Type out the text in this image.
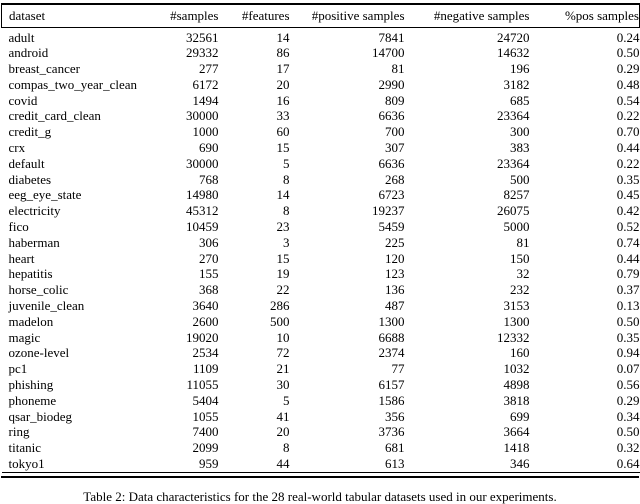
dataset	#samples	#features	#positive samples	#negative samples	%pos samples
adult	32561	14	7841	24720	0.24
android	29332	86	14700	14632	0.50
breast_cancer	277	17	81	196	0.29
compas_two_year_clean	6172	20	2990	3182	0.48
covid	1494	16	809	685	0.54
credit_card_clean	30000	33	6636	23364	0.22
credit_g	1000	60	700	300	0.70
crx	690	15	307	383	0.44
default	30000	5	6636	23364	0.22
diabetes	768	8	268	500	0.35
eeg_eye_state	14980	14	6723	8257	0.45
electricity	45312	8	19237	26075	0.42
fico	10459	23	5459	5000	0.52
haberman	306	3	225	81	0.74
heart	270	15	120	150	0.44
hepatitis	155	19	123	32	0.79
horse_colic	368	22	136	232	0.37
juvenile_clean	3640	286	487	3153	0.13
madelon	2600	500	1300	1300	0.50
magic	19020	10	6688	12332	0.35
ozone-level	2534	72	2374	160	0.94
pc1	1109	21	77	1032	0.07
phishing	11055	30	6157	4898	0.56
phoneme	5404	5	1586	3818	0.29
qsar_biodeg	1055	41	356	699	0.34
ring	7400	20	3736	3664	0.50
titanic	2099	8	681	1418	0.32
tokyo1	959	44	613	346	0.64
Table 2: Data characteristics for the 28 real-world tabular datasets used in our experiments.
